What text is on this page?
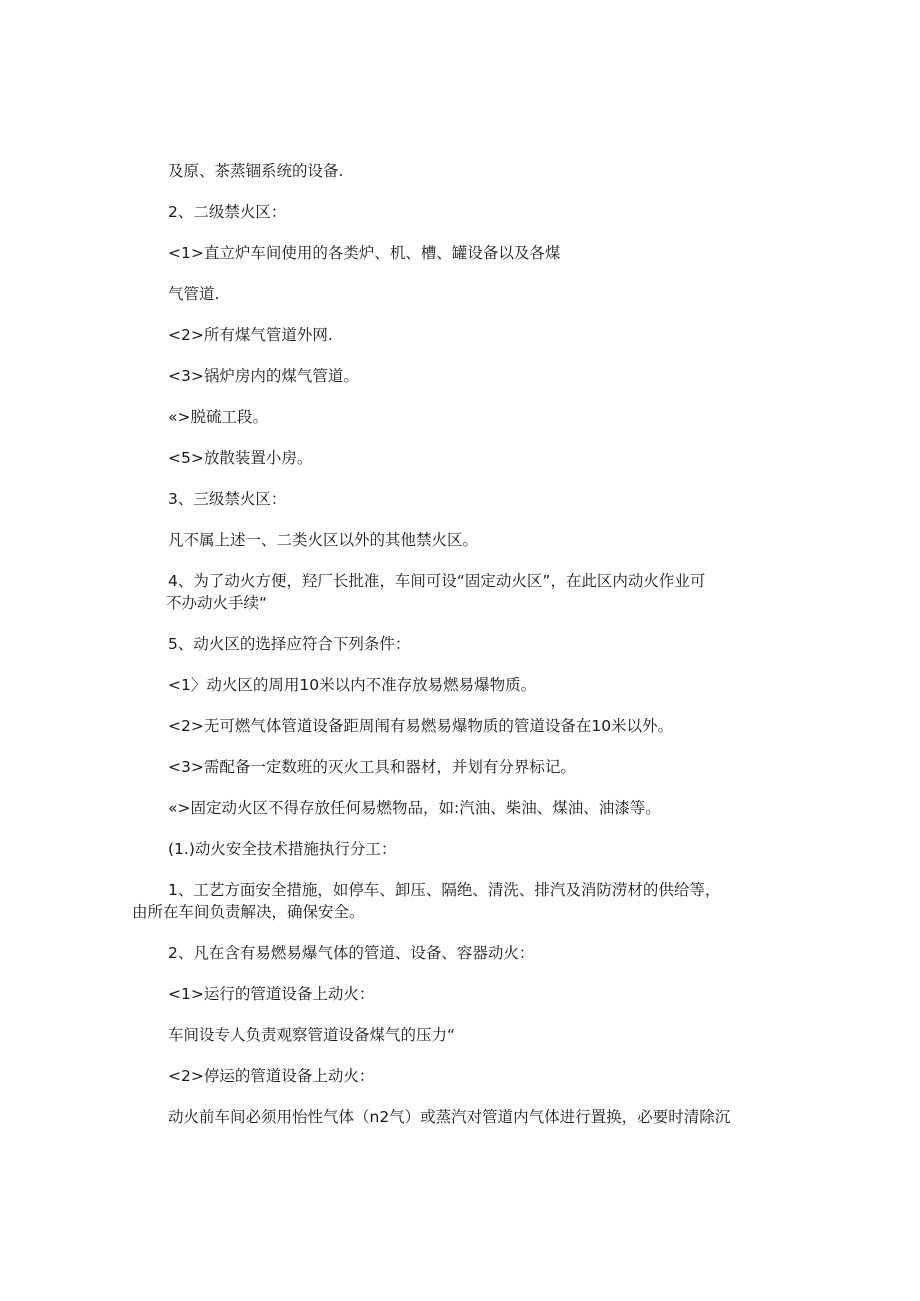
及原、茶蒸锢系统的设备.

2、二级禁火区：

<1>直立炉车间使用的各类炉、机、槽、罐设备以及各煤

气管道.

<2>所有煤气管道外网.

<3>锅炉房内的煤气管道。

«>脱硫工段。

<5>放散装置小房。

3、三级禁火区：

凡不属上述一、二类火区以外的其他禁火区。

4、为了动火方便，羟厂长批准，车间可设“固定动火区”，在此区内动火作业可

不办动火手续“

5、动火区的选择应符合下列条件：

<1〉动火区的周用10米以内不准存放易燃易爆物质。

<2>无可燃气体管道设备距周闱有易燃易爆物质的管道设备在10米以外。

<3>需配备一定数班的灭火工具和器材，并划有分界标记。

«>固定动火区不得存放任何易燃物品，如:汽油、柴油、煤油、油漆等。

(1.)动火安全技术措施执行分工：

1、工艺方面安全措施，如停车、卸压、隔绝、清洗、排汽及消防涝材的供给等，

由所在车间负责解决，确保安全。

2、凡在含有易燃易爆气体的管道、设备、容器动火：

<1>运行的管道设备上动火：

车间设专人负责观察管道设备煤气的压力“

<2>停运的管道设备上动火：

动火前车间必须用怡性气体（n2气）或蒸汽对管道内气体进行置换，必要时清除沉
